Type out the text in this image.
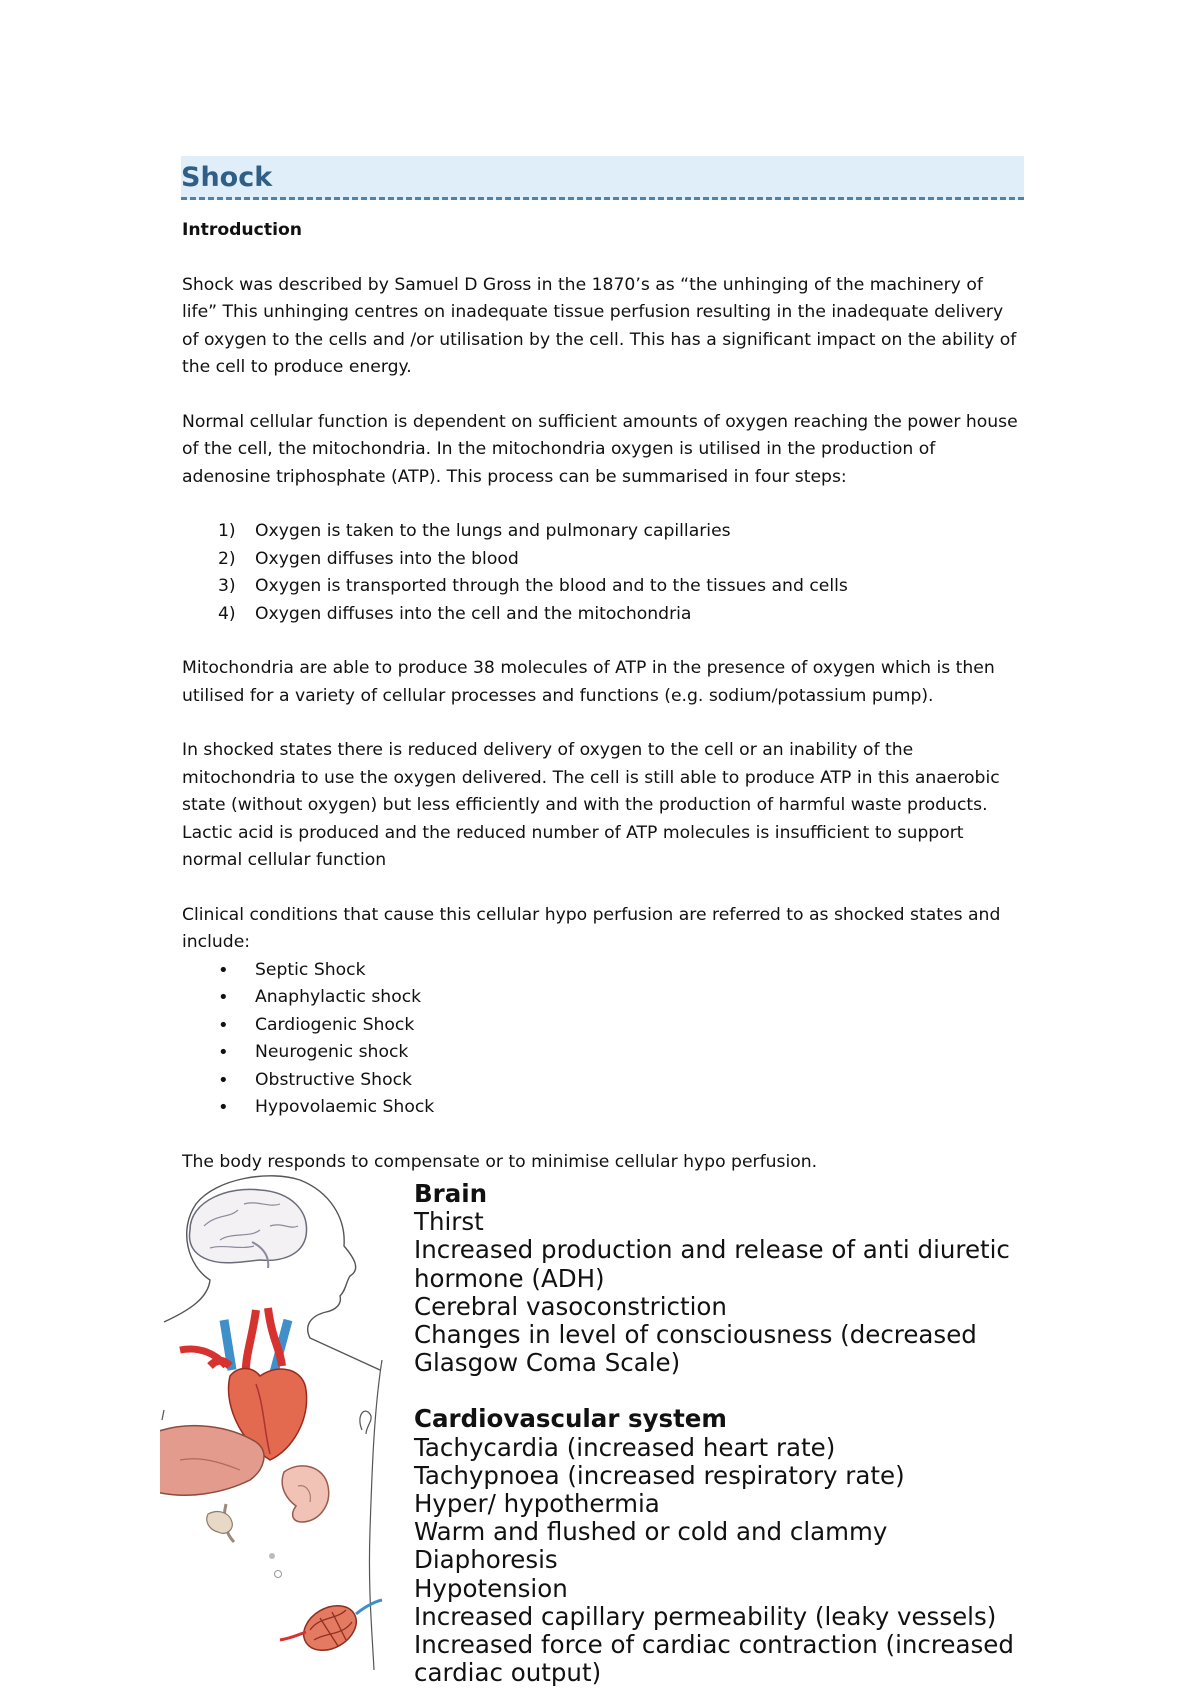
Shock

Introduction

Shock was described by Samuel D Gross in the 1870’s as “the unhinging of the machinery of life” This unhinging centres on inadequate tissue perfusion resulting in the inadequate delivery of oxygen to the cells and /or utilisation by the cell. This has a significant impact on the ability of the cell to produce energy.

Normal cellular function is dependent on sufficient amounts of oxygen reaching the power house of the cell, the mitochondria. In the mitochondria oxygen is utilised in the production of adenosine triphosphate (ATP). This process can be summarised in four steps:

1) Oxygen is taken to the lungs and pulmonary capillaries
2) Oxygen diffuses into the blood
3) Oxygen is transported through the blood and to the tissues and cells
4) Oxygen diffuses into the cell and the mitochondria

Mitochondria are able to produce 38 molecules of ATP in the presence of oxygen which is then utilised for a variety of cellular processes and functions (e.g. sodium/potassium pump).

In shocked states there is reduced delivery of oxygen to the cell or an inability of the mitochondria to use the oxygen delivered. The cell is still able to produce ATP in this anaerobic state (without oxygen) but less efficiently and with the production of harmful waste products. Lactic acid is produced and the reduced number of ATP molecules is insufficient to support normal cellular function

Clinical conditions that cause this cellular hypo perfusion are referred to as shocked states and include:

• Septic Shock
• Anaphylactic shock
• Cardiogenic Shock
• Neurogenic shock
• Obstructive Shock
• Hypovolaemic Shock

The body responds to compensate or to minimise cellular hypo perfusion.

Brain
Thirst
Increased production and release of anti diuretic hormone (ADH)
Cerebral vasoconstriction
Changes in level of consciousness (decreased Glasgow Coma Scale)
Cardiovascular system
Tachycardia (increased heart rate)
Tachypnoea (increased respiratory rate)
Hyper/ hypothermia
Warm and flushed or cold and clammy
Diaphoresis
Hypotension
Increased capillary permeability (leaky vessels)
Increased force of cardiac contraction (increased cardiac output)
